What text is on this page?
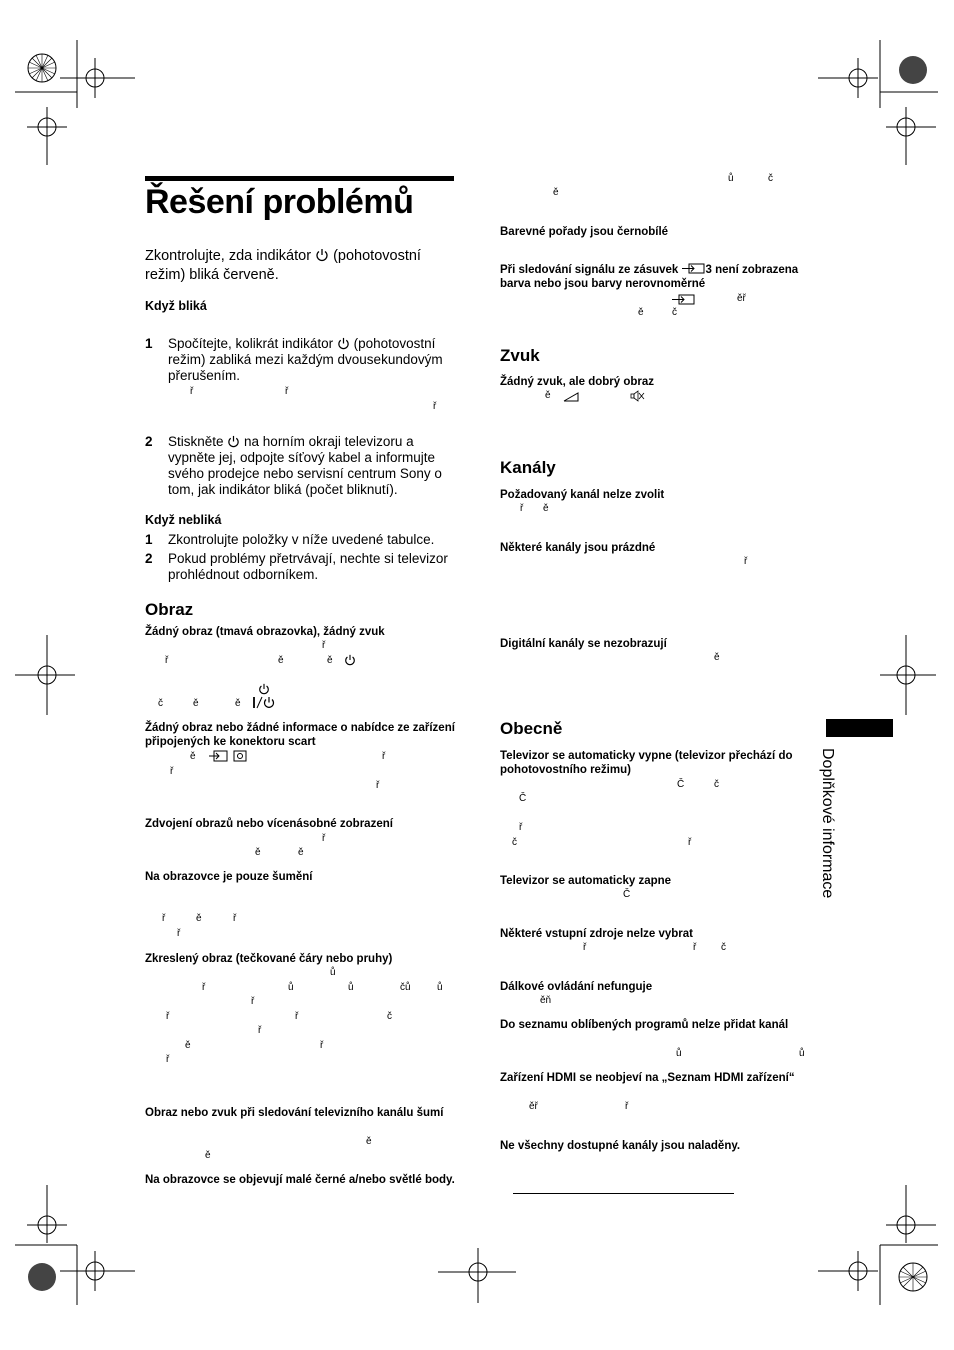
Řešení problémů
Zkontrolujte, zda indikátor  (pohotovostní režim) bliká červeně.
Když bliká
1 Spočítejte, kolikrát indikátor  (pohotovostní režim) zabliká mezi každým dvousekundovým přerušením.
ř	ř
ř
2 Stiskněte  na horním okraji televizoru a vypněte jej, odpojte síťový kabel a informujte svého prodejce nebo servisní centrum Sony o tom, jak indikátor bliká (počet bliknutí).
Když nebliká
1 Zkontrolujte položky v níže uvedené tabulce.
2 Pokud problémy přetrvávají, nechte si televizor prohlédnout odborníkem.
Obraz
Žádný obraz (tmavá obrazovka), žádný zvuk
ř
ř	ě	ě
č	ě	ě
Žádný obraz nebo žádné informace o nabídce ze zařízení připojených ke konektoru scart
ě	ř
ř
ř
Zdvojení obrazů nebo vícenásobné zobrazení
ř
ě	ě
Na obrazovce je pouze šumění
ř	ě	ř
ř
Zkreslený obraz (tečkované čáry nebo pruhy)
ů
ř	ů	ů	čů	ů
ř
ř	ř	č
ř
ě	ř
ř
Obraz nebo zvuk při sledování televizního kanálu šumí
ě
ě
Na obrazovce se objevují malé černé a/nebo světlé body.
ů	č
ě
Barevné pořady jsou černobílé
Při sledování signálu ze zásuvek 3 není zobrazena barva nebo jsou barvy nerovnoměrné
ěř
ě	č
Zvuk
Žádný zvuk, ale dobrý obraz
ě
Kanály
Požadovaný kanál nelze zvolit
ř ě
Některé kanály jsou prázdné
ř
Digitální kanály se nezobrazují
ě
Obecně
Televizor se automaticky vypne (televizor přechází do pohotovostního režimu)
Č	č
Č
ř
č	ř
Televizor se automaticky zapne
Č
Některé vstupní zdroje nelze vybrat
ř	ř č
Dálkové ovládání nefunguje
ěň
Do seznamu oblíbených programů nelze přidat kanál
ů	ů
Zařízení HDMI se neobjeví na „Seznam HDMI zařízení“
ěř	ř
Ne všechny dostupné kanály jsou naladěny.
Doplňkové informace
